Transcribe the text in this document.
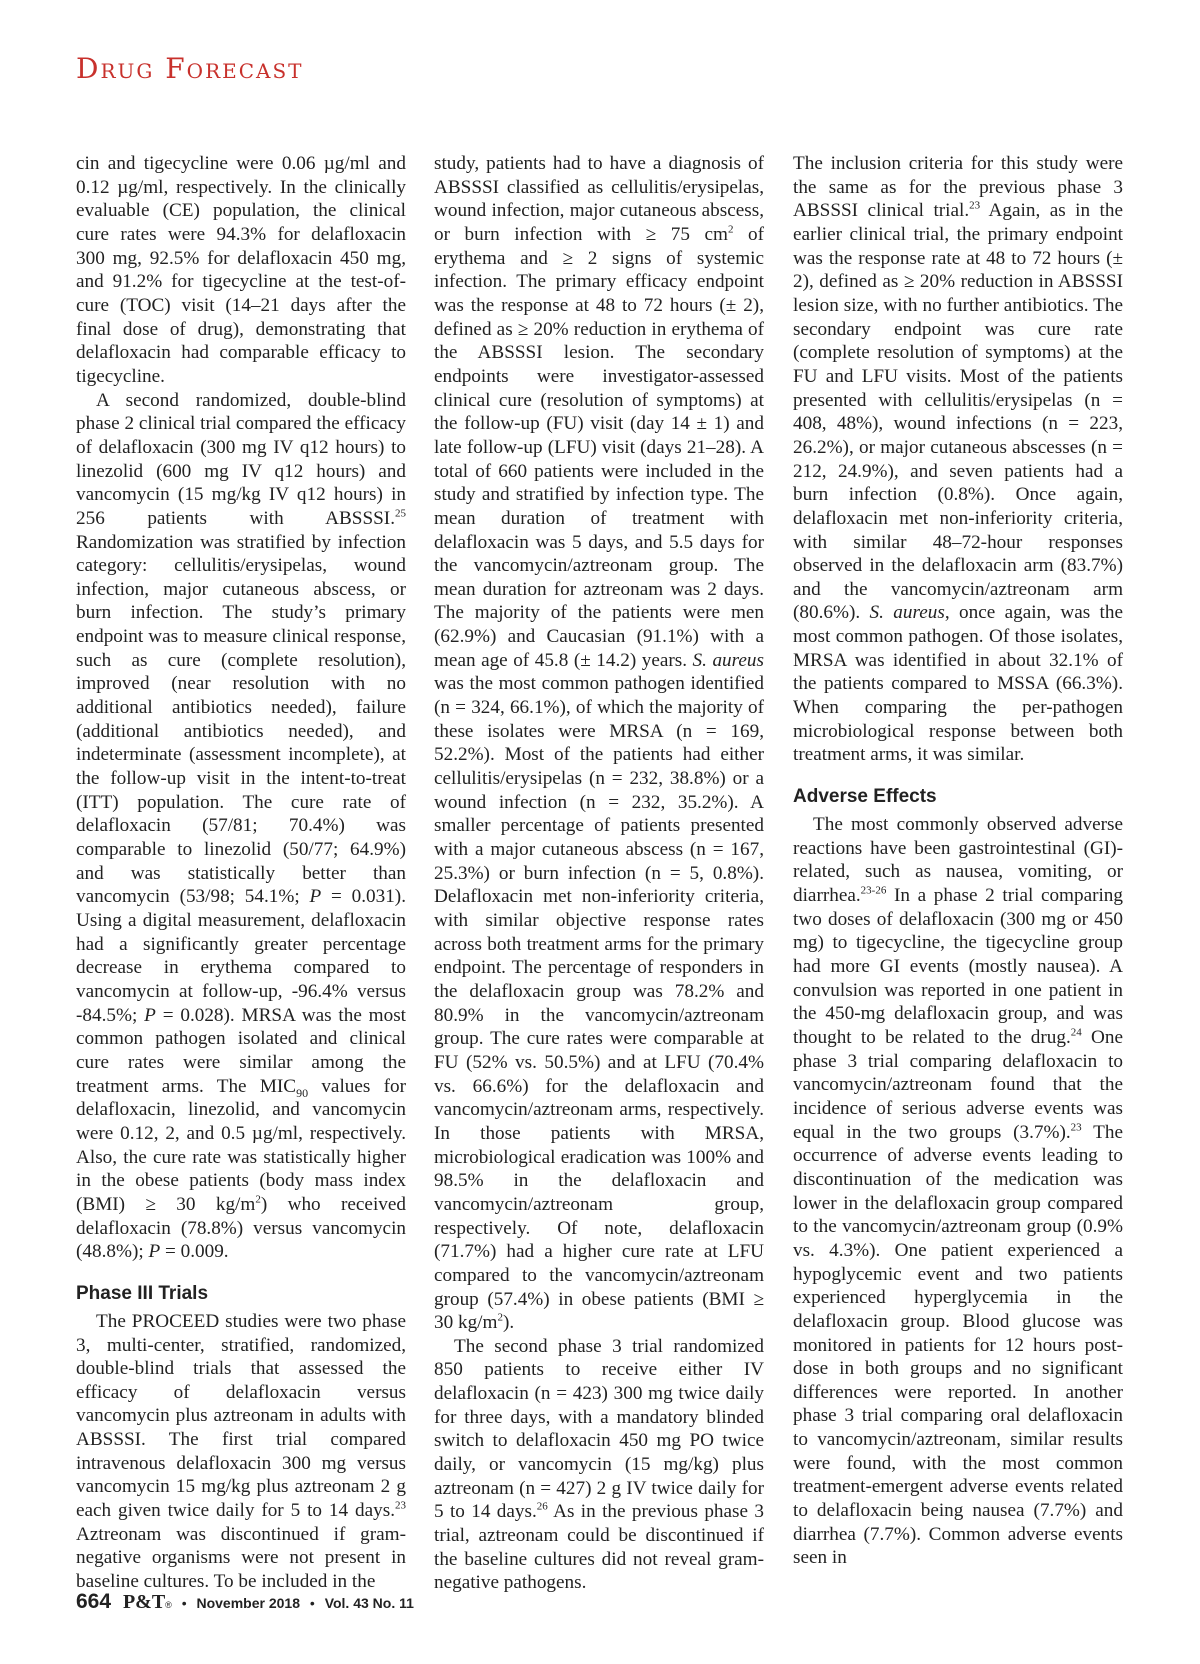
Drug Forecast

cin and tigecycline were 0.06 µg/ml and 0.12 µg/ml, respectively. In the clinically evaluable (CE) population, the clinical cure rates were 94.3% for delafloxacin 300 mg, 92.5% for delafloxacin 450 mg, and 91.2% for tigecycline at the test-of-cure (TOC) visit (14–21 days after the final dose of drug), demonstrating that delafloxacin had comparable efficacy to tigecycline.

A second randomized, double-blind phase 2 clinical trial compared the efficacy of delafloxacin (300 mg IV q12 hours) to linezolid (600 mg IV q12 hours) and vancomycin (15 mg/kg IV q12 hours) in 256 patients with ABSSSI.$^{25}$ Randomization was stratified by infection category: cellulitis/erysipelas, wound infection, major cutaneous abscess, or burn infection. The study’s primary endpoint was to measure clinical response, such as cure (complete resolution), improved (near resolution with no additional antibiotics needed), failure (additional antibiotics needed), and indeterminate (assessment incomplete), at the follow-up visit in the intent-to-treat (ITT) population. The cure rate of delafloxacin (57/81; 70.4%) was comparable to linezolid (50/77; 64.9%) and was statistically better than vancomycin (53/98; 54.1%; P = 0.031). Using a digital measurement, delafloxacin had a significantly greater percentage decrease in erythema compared to vancomycin at follow-up, -96.4% versus -84.5%; P = 0.028). MRSA was the most common pathogen isolated and clinical cure rates were similar among the treatment arms. The $MIC_{90}$ values for delafloxacin, linezolid, and vancomycin were 0.12, 2, and 0.5 µg/ml, respectively. Also, the cure rate was statistically higher in the obese patients (body mass index (BMI) ≥ 30 $kg/m^2$) who received delafloxacin (78.8%) versus vancomycin (48.8%); P = 0.009.

Phase III Trials

The PROCEED studies were two phase 3, multi-center, stratified, randomized, double-blind trials that assessed the efficacy of delafloxacin versus vancomycin plus aztreonam in adults with ABSSSI. The first trial compared intravenous delafloxacin 300 mg versus vancomycin 15 mg/kg plus aztreonam 2 g each given twice daily for 5 to 14 days.$^{23}$ Aztreonam was discontinued if gram-negative organisms were not present in baseline cultures. To be included in the

study, patients had to have a diagnosis of ABSSSI classified as cellulitis/erysipelas, wound infection, major cutaneous abscess, or burn infection with ≥ 75 $cm^2$ of erythema and ≥ 2 signs of systemic infection. The primary efficacy endpoint was the response at 48 to 72 hours (± 2), defined as ≥ 20% reduction in erythema of the ABSSSI lesion. The secondary endpoints were investigator-assessed clinical cure (resolution of symptoms) at the follow-up (FU) visit (day 14 ± 1) and late follow-up (LFU) visit (days 21–28). A total of 660 patients were included in the study and stratified by infection type. The mean duration of treatment with delafloxacin was 5 days, and 5.5 days for the vancomycin/aztreonam group. The mean duration for aztreonam was 2 days. The majority of the patients were men (62.9%) and Caucasian (91.1%) with a mean age of 45.8 (± 14.2) years. S. aureus was the most common pathogen identified (n = 324, 66.1%), of which the majority of these isolates were MRSA (n = 169, 52.2%). Most of the patients had either cellulitis/erysipelas (n = 232, 38.8%) or a wound infection (n = 232, 35.2%). A smaller percentage of patients presented with a major cutaneous abscess (n = 167, 25.3%) or burn infection (n = 5, 0.8%). Delafloxacin met non-inferiority criteria, with similar objective response rates across both treatment arms for the primary endpoint. The percentage of responders in the delafloxacin group was 78.2% and 80.9% in the vancomycin/aztreonam group. The cure rates were comparable at FU (52% vs. 50.5%) and at LFU (70.4% vs. 66.6%) for the delafloxacin and vancomycin/aztreonam arms, respectively. In those patients with MRSA, microbiological eradication was 100% and 98.5% in the delafloxacin and vancomycin/aztreonam group, respectively. Of note, delafloxacin (71.7%) had a higher cure rate at LFU compared to the vancomycin/aztreonam group (57.4%) in obese patients (BMI ≥ 30 $kg/m^2$).

The second phase 3 trial randomized 850 patients to receive either IV delafloxacin (n = 423) 300 mg twice daily for three days, with a mandatory blinded switch to delafloxacin 450 mg PO twice daily, or vancomycin (15 mg/kg) plus aztreonam (n = 427) 2 g IV twice daily for 5 to 14 days.$^{26}$ As in the previous phase 3 trial, aztreonam could be discontinued if the baseline cultures did not reveal gram-negative pathogens.

The inclusion criteria for this study were the same as for the previous phase 3 ABSSSI clinical trial.$^{23}$ Again, as in the earlier clinical trial, the primary endpoint was the response rate at 48 to 72 hours (± 2), defined as ≥ 20% reduction in ABSSSI lesion size, with no further antibiotics. The secondary endpoint was cure rate (complete resolution of symptoms) at the FU and LFU visits. Most of the patients presented with cellulitis/erysipelas (n = 408, 48%), wound infections (n = 223, 26.2%), or major cutaneous abscesses (n = 212, 24.9%), and seven patients had a burn infection (0.8%). Once again, delafloxacin met non-inferiority criteria, with similar 48–72-hour responses observed in the delafloxacin arm (83.7%) and the vancomycin/aztreonam arm (80.6%). S. aureus, once again, was the most common pathogen. Of those isolates, MRSA was identified in about 32.1% of the patients compared to MSSA (66.3%). When comparing the per-pathogen microbiological response between both treatment arms, it was similar.

Adverse Effects

The most commonly observed adverse reactions have been gastrointestinal (GI)-related, such as nausea, vomiting, or diarrhea.$^{23-26}$ In a phase 2 trial comparing two doses of delafloxacin (300 mg or 450 mg) to tigecycline, the tigecycline group had more GI events (mostly nausea). A convulsion was reported in one patient in the 450-mg delafloxacin group, and was thought to be related to the drug.$^{24}$ One phase 3 trial comparing delafloxacin to vancomycin/aztreonam found that the incidence of serious adverse events was equal in the two groups (3.7%).$^{23}$ The occurrence of adverse events leading to discontinuation of the medication was lower in the delafloxacin group compared to the vancomycin/aztreonam group (0.9% vs. 4.3%). One patient experienced a hypoglycemic event and two patients experienced hyperglycemia in the delafloxacin group. Blood glucose was monitored in patients for 12 hours post-dose in both groups and no significant differences were reported. In another phase 3 trial comparing oral delafloxacin to vancomycin/aztreonam, similar results were found, with the most common treatment-emergent adverse events related to delafloxacin being nausea (7.7%) and diarrhea (7.7%). Common adverse events seen in

664 P&T® • November 2018 • Vol. 43 No. 11
